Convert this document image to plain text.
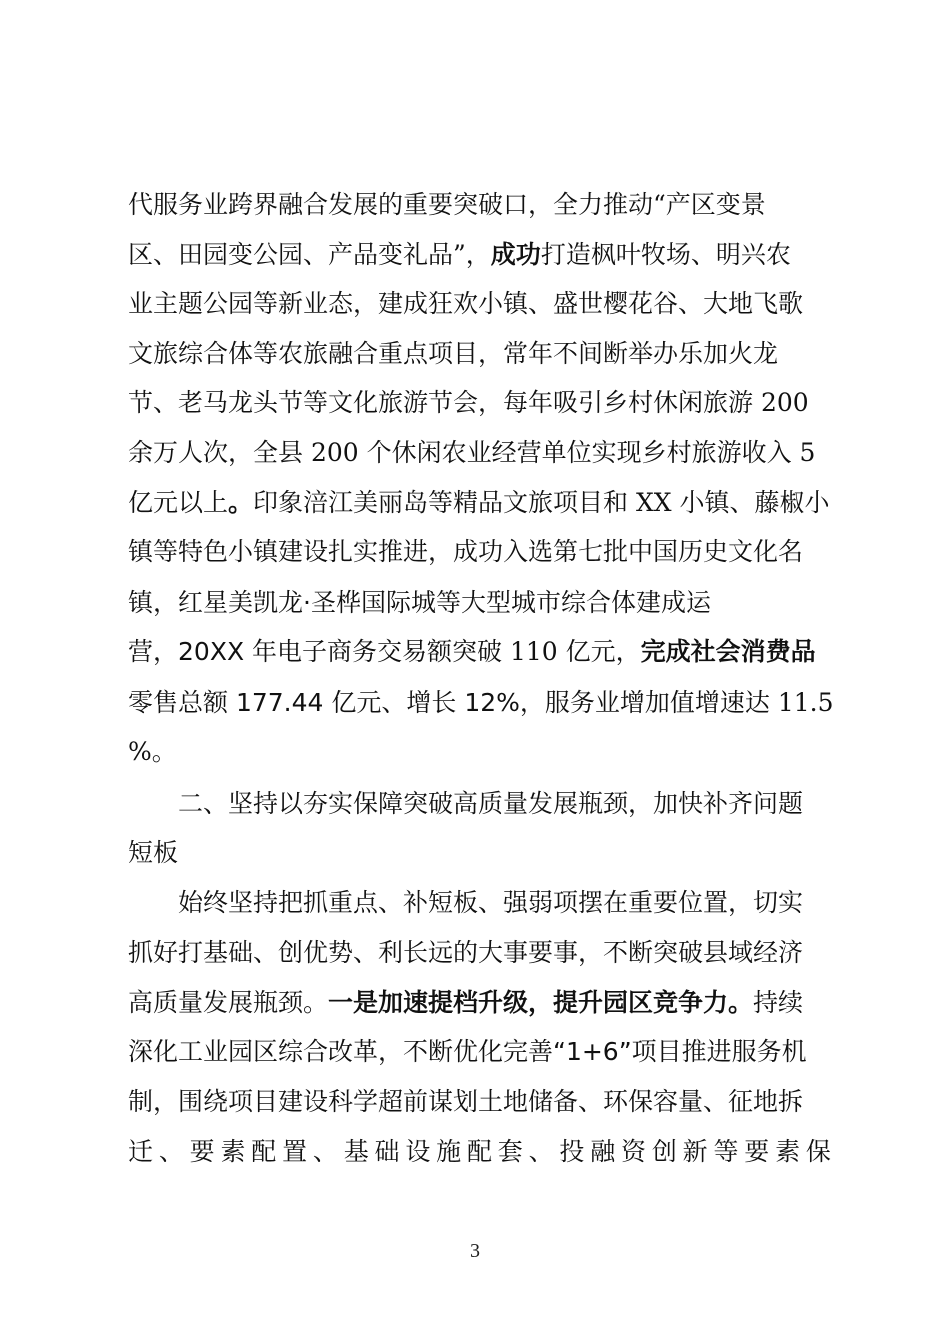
代服务业跨界融合发展的重要突破口，全力推动“产区变景
区、田园变公园、产品变礼品”，成功打造枫叶牧场、明兴农
业主题公园等新业态，建成狂欢小镇、盛世樱花谷、大地飞歌
文旅综合体等农旅融合重点项目，常年不间断举办乐加火龙
节、老马龙头节等文化旅游节会，每年吸引乡村休闲旅游 200
余万人次，全县 200 个休闲农业经营单位实现乡村旅游收入 5
亿元以上。印象涪江美丽岛等精品文旅项目和 XX 小镇、藤椒小
镇等特色小镇建设扎实推进，成功入选第七批中国历史文化名
镇，红星美凯龙·圣桦国际城等大型城市综合体建成运
营，20XX 年电子商务交易额突破 110 亿元，完成社会消费品
零售总额 177.44 亿元、增长 12%，服务业增加值增速达 11.5
%。
二、坚持以夯实保障突破高质量发展瓶颈，加快补齐问题
短板
始终坚持把抓重点、补短板、强弱项摆在重要位置，切实
抓好打基础、创优势、利长远的大事要事，不断突破县域经济
高质量发展瓶颈。一是加速提档升级，提升园区竞争力。持续
深化工业园区综合改革，不断优化完善“1+6”项目推进服务机
制，围绕项目建设科学超前谋划土地储备、环保容量、征地拆
迁 、 要 素 配 置 、 基 础 设 施 配 套 、 投 融 资 创 新 等 要 素 保
3
